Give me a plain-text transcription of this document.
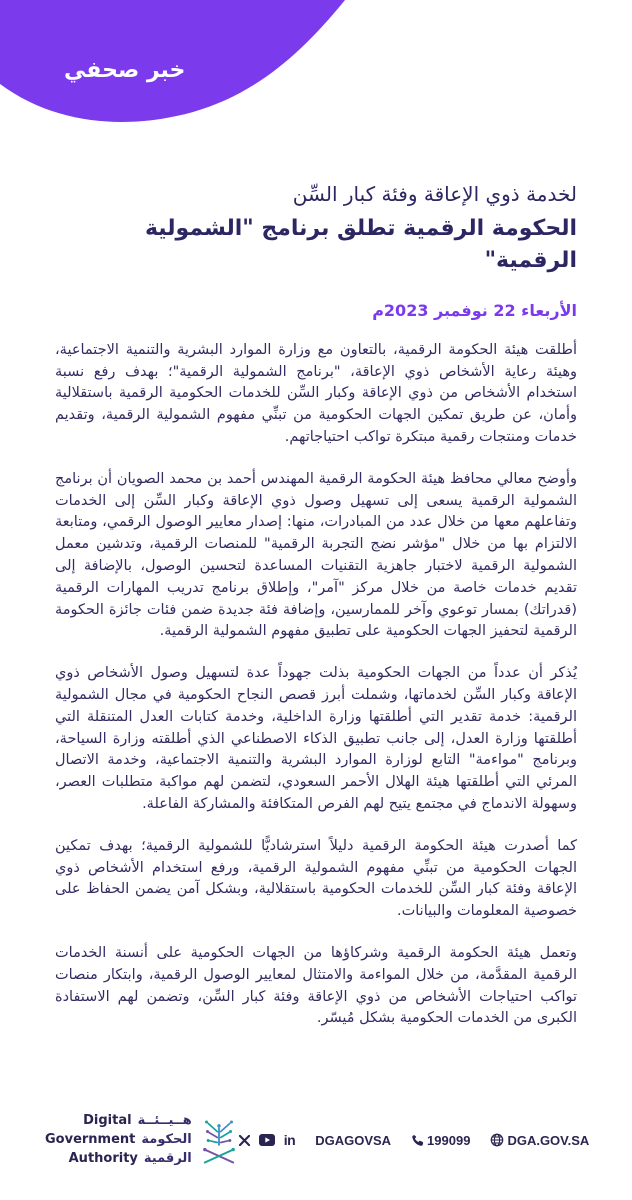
خبر صحفي
لخدمة ذوي الإعاقة وفئة كبار السِّن
الحكومة الرقمية تطلق برنامج "الشمولية الرقمية"
الأربعاء 22 نوفمبر 2023م

أطلقت هيئة الحكومة الرقمية، بالتعاون مع وزارة الموارد البشرية والتنمية الاجتماعية، وهيئة رعاية الأشخاص ذوي الإعاقة، "برنامج الشمولية الرقمية"؛ بهدف رفع نسبة استخدام الأشخاص من ذوي الإعاقة وكبار السِّن للخدمات الحكومية الرقمية باستقلالية وأمان، عن طريق تمكين الجهات الحكومية من تبنِّي مفهوم الشمولية الرقمية، وتقديم خدمات ومنتجات رقمية مبتكرة تواكب احتياجاتهم.

وأوضح معالي محافظ هيئة الحكومة الرقمية المهندس أحمد بن محمد الصويان أن برنامج الشمولية الرقمية يسعى إلى تسهيل وصول ذوي الإعاقة وكبار السِّن إلى الخدمات وتفاعلهم معها من خلال عدد من المبادرات، منها: إصدار معايير الوصول الرقمي، ومتابعة الالتزام بها من خلال "مؤشر نضج التجربة الرقمية" للمنصات الرقمية، وتدشين معمل الشمولية الرقمية لاختبار جاهزية التقنيات المساعدة لتحسين الوصول، بالإضافة إلى تقديم خدمات خاصة من خلال مركز "آمر"، وإطلاق برنامج تدريب المهارات الرقمية (قدراتك) بمسار توعوي وآخر للممارسين، وإضافة فئة جديدة ضمن فئات جائزة الحكومة الرقمية لتحفيز الجهات الحكومية على تطبيق مفهوم الشمولية الرقمية.

يُذكر أن عدداً من الجهات الحكومية بذلت جهوداً عدة لتسهيل وصول الأشخاص ذوي الإعاقة وكبار السِّن لخدماتها، وشملت أبرز قصص النجاح الحكومية في مجال الشمولية الرقمية: خدمة تقدير التي أطلقتها وزارة الداخلية، وخدمة كتابات العدل المتنقلة التي أطلقتها وزارة العدل، إلى جانب تطبيق الذكاء الاصطناعي الذي أطلقته وزارة السياحة، وبرنامج "مواءمة" التابع لوزارة الموارد البشرية والتنمية الاجتماعية، وخدمة الاتصال المرئي التي أطلقتها هيئة الهلال الأحمر السعودي، لتضمن لهم مواكبة متطلبات العصر، وسهولة الاندماج في مجتمع يتيح لهم الفرص المتكافئة والمشاركة الفاعلة.

كما أصدرت هيئة الحكومة الرقمية دليلاً استرشاديًّا للشمولية الرقمية؛ بهدف تمكين الجهات الحكومية من تبنِّي مفهوم الشمولية الرقمية، ورفع استخدام الأشخاص ذوي الإعاقة وفئة كبار السِّن للخدمات الحكومية باستقلالية، وبشكل آمن يضمن الحفاظ على خصوصية المعلومات والبيانات.

وتعمل هيئة الحكومة الرقمية وشركاؤها من الجهات الحكومية على أنسنة الخدمات الرقمية المقدَّمة، من خلال المواءمة والامتثال لمعايير الوصول الرقمية، وابتكار منصات تواكب احتياجات الأشخاص من ذوي الإعاقة وفئة كبار السِّن، وتضمن لهم الاستفادة الكبرى من الخدمات الحكومية بشكل مُيسّر.

Digital هــيــئــة
Government الحكومة
Authority الرقمية
in DGAGOVSA	199099	DGA.GOV.SA
